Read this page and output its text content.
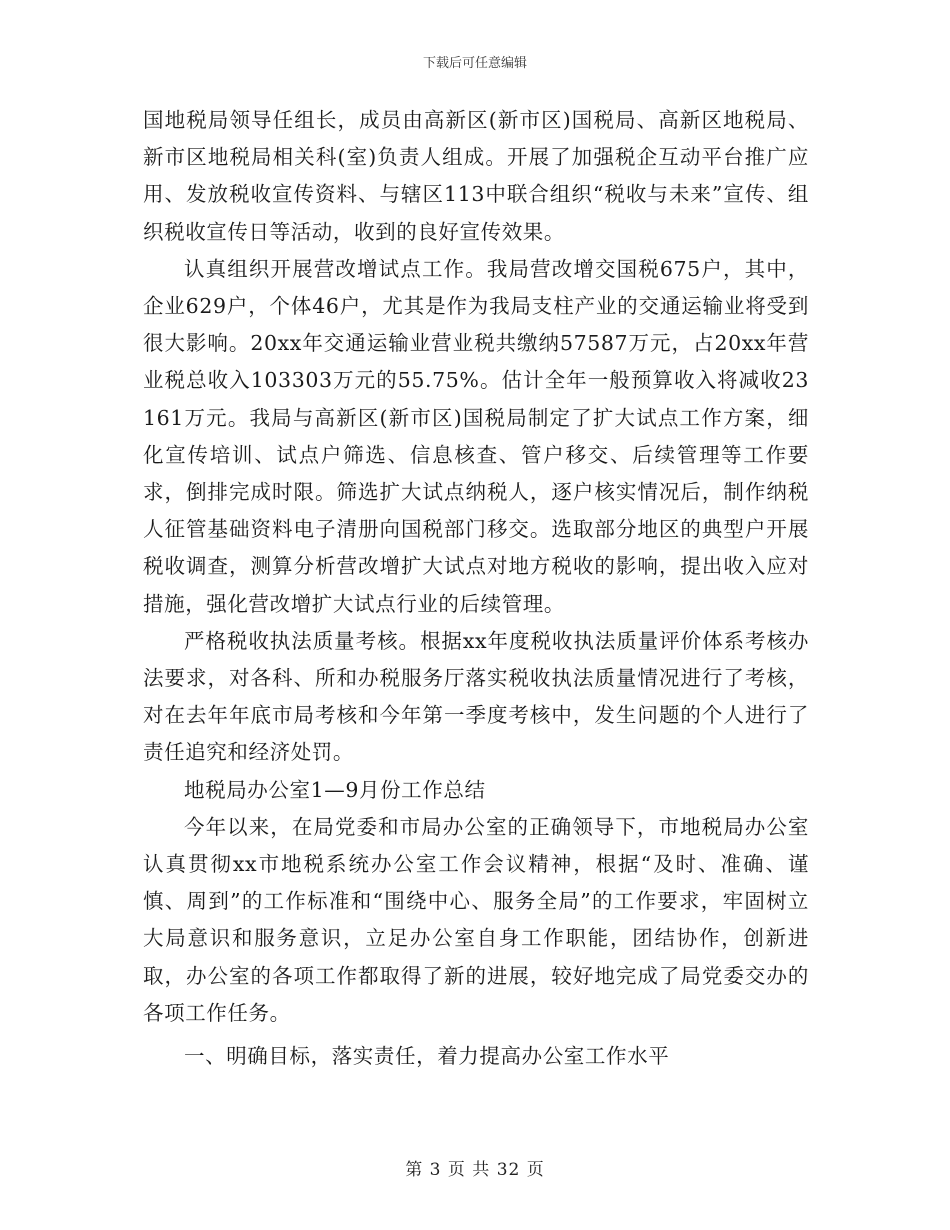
下载后可任意编辑

国地税局领导任组长，成员由高新区(新市区)国税局、高新区地税局、新市区地税局相关科(室)负责人组成。开展了加强税企互动平台推广应用、发放税收宣传资料、与辖区113中联合组织“税收与未来”宣传、组织税收宣传日等活动，收到的良好宣传效果。

认真组织开展营改增试点工作。我局营改增交国税675户，其中，企业629户，个体46户，尤其是作为我局支柱产业的交通运输业将受到很大影响。20xx年交通运输业营业税共缴纳57587万元，占20xx年营业税总收入103303万元的55.75%。估计全年一般预算收入将减收23161万元。我局与高新区(新市区)国税局制定了扩大试点工作方案，细化宣传培训、试点户筛选、信息核查、管户移交、后续管理等工作要求，倒排完成时限。筛选扩大试点纳税人，逐户核实情况后，制作纳税人征管基础资料电子清册向国税部门移交。选取部分地区的典型户开展税收调查，测算分析营改增扩大试点对地方税收的影响，提出收入应对措施，强化营改增扩大试点行业的后续管理。

严格税收执法质量考核。根据xx年度税收执法质量评价体系考核办法要求，对各科、所和办税服务厅落实税收执法质量情况进行了考核，对在去年年底市局考核和今年第一季度考核中，发生问题的个人进行了责任追究和经济处罚。

地税局办公室1—9月份工作总结

今年以来，在局党委和市局办公室的正确领导下，市地税局办公室认真贯彻xx市地税系统办公室工作会议精神，根据“及时、准确、谨慎、周到”的工作标准和“围绕中心、服务全局”的工作要求，牢固树立大局意识和服务意识，立足办公室自身工作职能，团结协作，创新进取，办公室的各项工作都取得了新的进展，较好地完成了局党委交办的各项工作任务。

一、明确目标，落实责任，着力提高办公室工作水平

第 3 页 共 32 页
